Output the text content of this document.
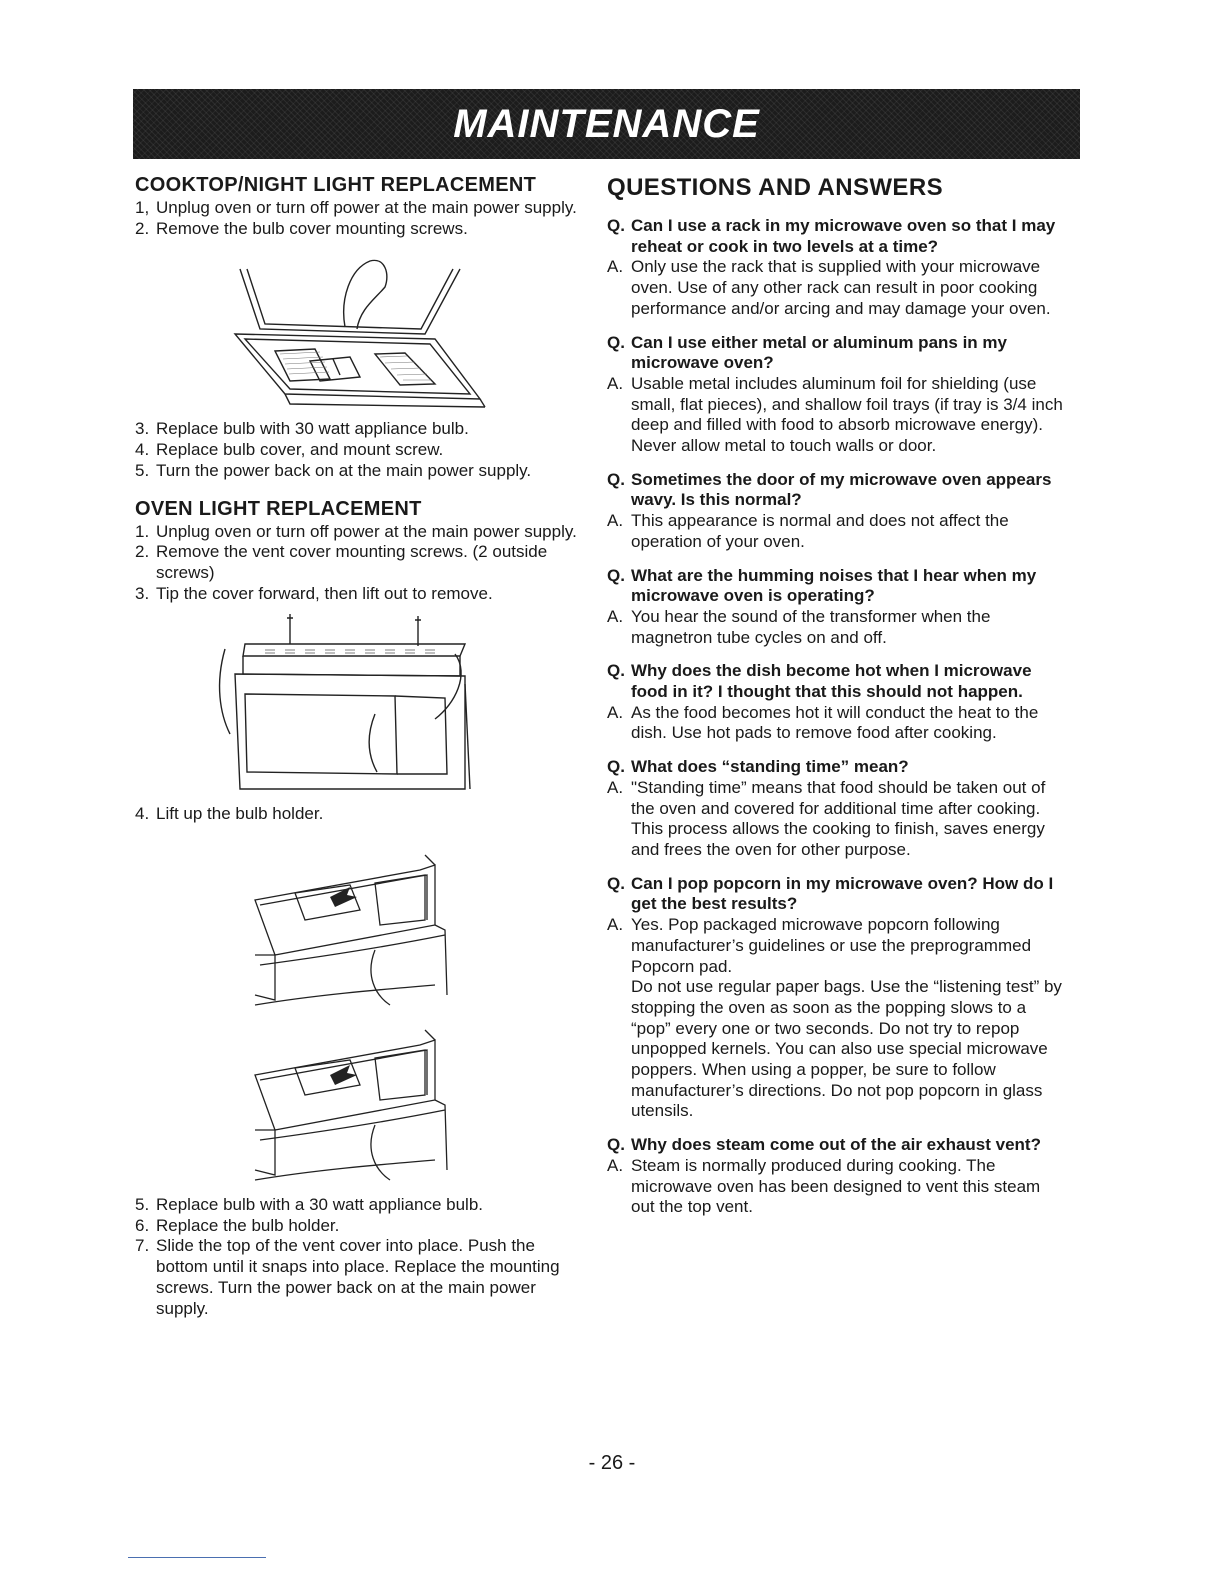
MAINTENANCE
COOKTOP/NIGHT LIGHT REPLACEMENT
1, Unplug oven or turn off power at the main power supply.
2. Remove the bulb cover mounting screws.
3. Replace bulb with 30 watt appliance bulb.
4. Replace bulb cover, and mount screw.
5. Turn the power back on at the main power supply.
OVEN LIGHT REPLACEMENT
1. Unplug oven or turn off power at the main power supply.
2. Remove the vent cover mounting screws. (2 outside screws)
3. Tip the cover forward, then lift out to remove.
4. Lift up the bulb holder.
5. Replace bulb with a 30 watt appliance bulb.
6. Replace the bulb holder.
7. Slide the top of the vent cover into place. Push the bottom until it snaps into place. Replace the mounting screws. Turn the power back on at the main power supply.
QUESTIONS AND ANSWERS
Q. Can I use a rack in my microwave oven so that I may reheat or cook in two levels at a time?
A. Only use the rack that is supplied with your microwave oven. Use of any other rack can result in poor cooking performance and/or arcing and may damage your oven.
Q. Can I use either metal or aluminum pans in my microwave oven?
A. Usable metal includes aluminum foil for shielding (use small, flat pieces), and shallow foil trays (if tray is 3/4 inch deep and filled with food to absorb microwave energy). Never allow metal to touch walls or door.
Q. Sometimes the door of my microwave oven appears wavy. Is this normal?
A. This appearance is normal and does not affect the operation of your oven.
Q. What are the humming noises that I hear when my microwave oven is operating?
A. You hear the sound of the transformer when the magnetron tube cycles on and off.
Q. Why does the dish become hot when I microwave food in it? I thought that this should not happen.
A. As the food becomes hot it will conduct the heat to the dish. Use hot pads to remove food after cooking.
Q. What does “standing time” mean?
A. "Standing time” means that food should be taken out of the oven and covered for additional time after cooking. This process allows the cooking to finish, saves energy and frees the oven for other purpose.
Q. Can I pop popcorn in my microwave oven? How do I get the best results?
A. Yes. Pop packaged microwave popcorn following manufacturer’s guidelines or use the preprogrammed Popcorn pad.

Do not use regular paper bags. Use the “listening test” by stopping the oven as soon as the popping slows to a “pop” every one or two seconds. Do not try to repop unpopped kernels. You can also use special microwave poppers. When using a popper, be sure to follow manufacturer’s directions. Do not pop popcorn in glass utensils.

Q. Why does steam come out of the air exhaust vent?
A. Steam is normally produced during cooking. The microwave oven has been designed to vent this steam out the top vent.
- 26 -
